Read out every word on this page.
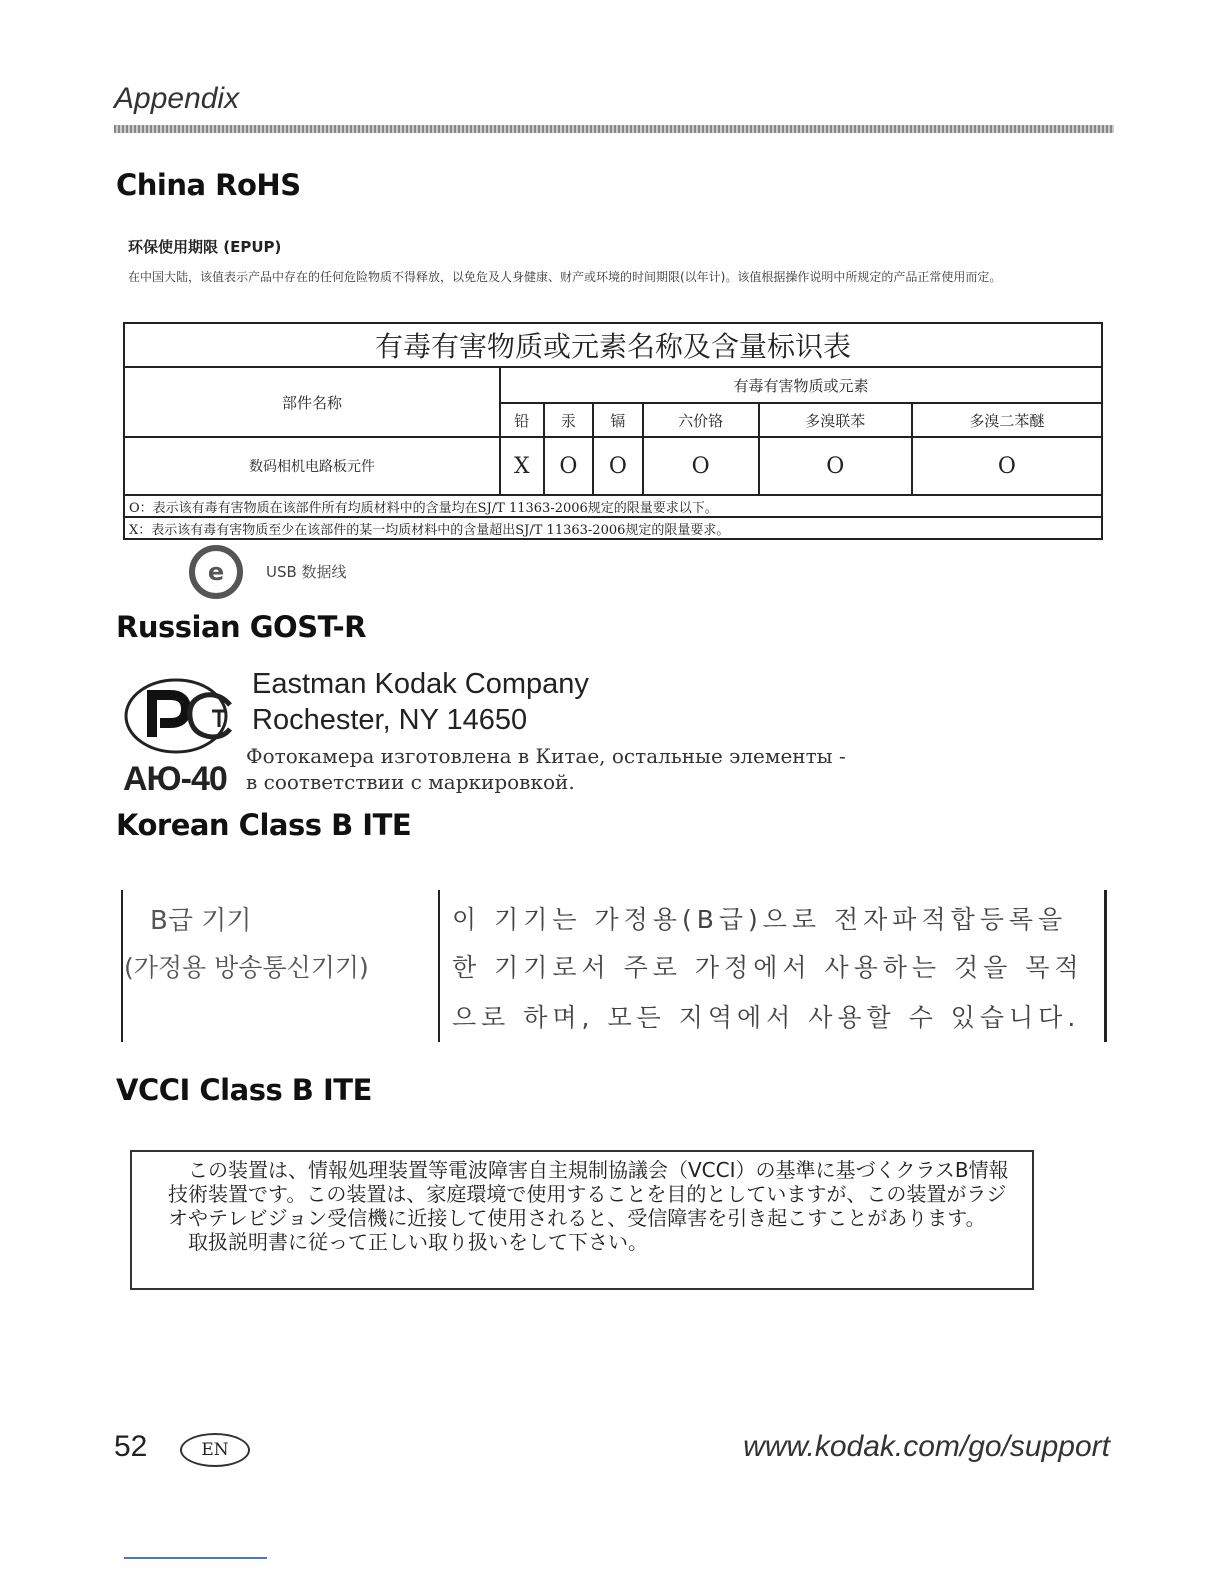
Appendix
China RoHS
环保使用期限 (EPUP)
在中国大陆，该值表示产品中存在的任何危险物质不得释放，以免危及人身健康、财产或环境的时间期限(以年计)。该值根据操作说明中所规定的产品正常使用而定。
有毒有害物质或元素名称及含量标识表						
部件名称	有毒有害物质或元素					
	铅	汞	镉	六价铬	多溴联苯	多溴二苯醚
数码相机电路板元件	X	O	O	O	O	O
O：表示该有毒有害物质在该部件所有均质材料中的含量均在SJ/T 11363-2006规定的限量要求以下。						
X：表示该有毒有害物质至少在该部件的某一均质材料中的含量超出SJ/T 11363-2006规定的限量要求。						
e	USB 数据线
Russian GOST-R
АЮ-40
Eastman Kodak Company
Rochester, NY 14650
Фотокамера изготовлена в Китае, остальные элементы -
в соответствии с маркировкой.
Korean Class B ITE
B급 기기
(가정용 방송통신기기)
이 기기는 가정용(B급)으로 전자파적합등록을
한 기기로서 주로 가정에서 사용하는 것을 목적
으로 하며, 모든 지역에서 사용할 수 있습니다.
VCCI Class B ITE
　この装置は、情報処理装置等電波障害自主規制協議会（VCCI）の基準に基づくクラスB情報技術装置です。この装置は、家庭環境で使用することを目的としていますが、この装置がラジオやテレビジョン受信機に近接して使用されると、受信障害を引き起こすことがあります。
　取扱説明書に従って正しい取り扱いをして下さい。
52	EN	www.kodak.com/go/support
